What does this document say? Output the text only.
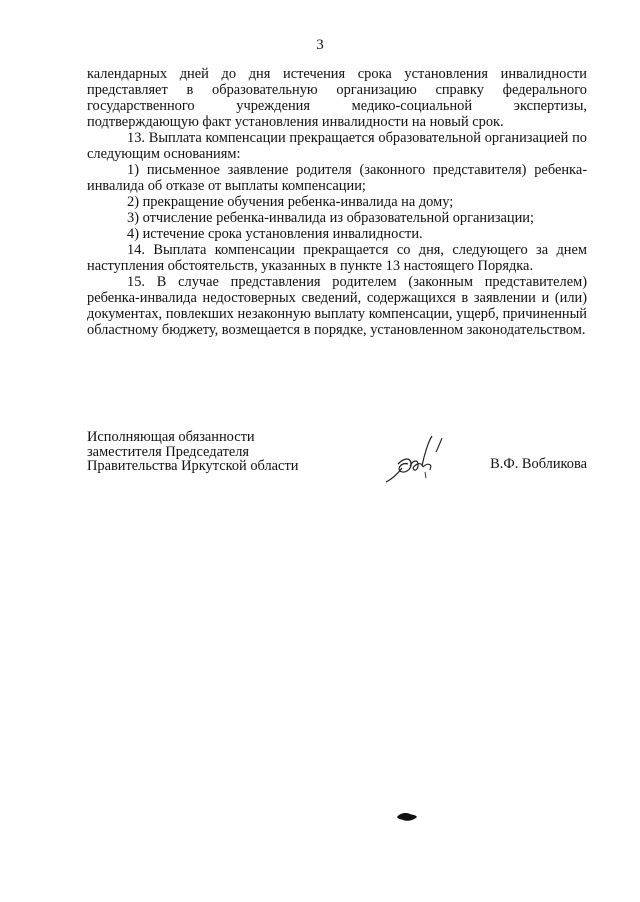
3

календарных дней до дня истечения срока установления инвалидности

представляет в образовательную организацию справку федерального

государственного учреждения медико-социальной экспертизы,

подтверждающую факт установления инвалидности на новый срок.

13. Выплата компенсации прекращается образовательной организацией по следующим основаниям:

1) письменное заявление родителя (законного представителя) ребенка-инвалида об отказе от выплаты компенсации;

2) прекращение обучения ребенка-инвалида на дому;

3) отчисление ребенка-инвалида из образовательной организации;

4) истечение срока установления инвалидности.

14. Выплата компенсации прекращается со дня, следующего за днем наступления обстоятельств, указанных в пункте 13 настоящего Порядка.

15. В случае представления родителем (законным представителем) ребенка-инвалида недостоверных сведений, содержащихся в заявлении и (или) документах, повлекших незаконную выплату компенсации, ущерб, причиненный областному бюджету, возмещается в порядке, установленном законодательством.

Исполняющая обязанности
заместителя Председателя
Правительства Иркутской области	В.Ф. Вобликова
